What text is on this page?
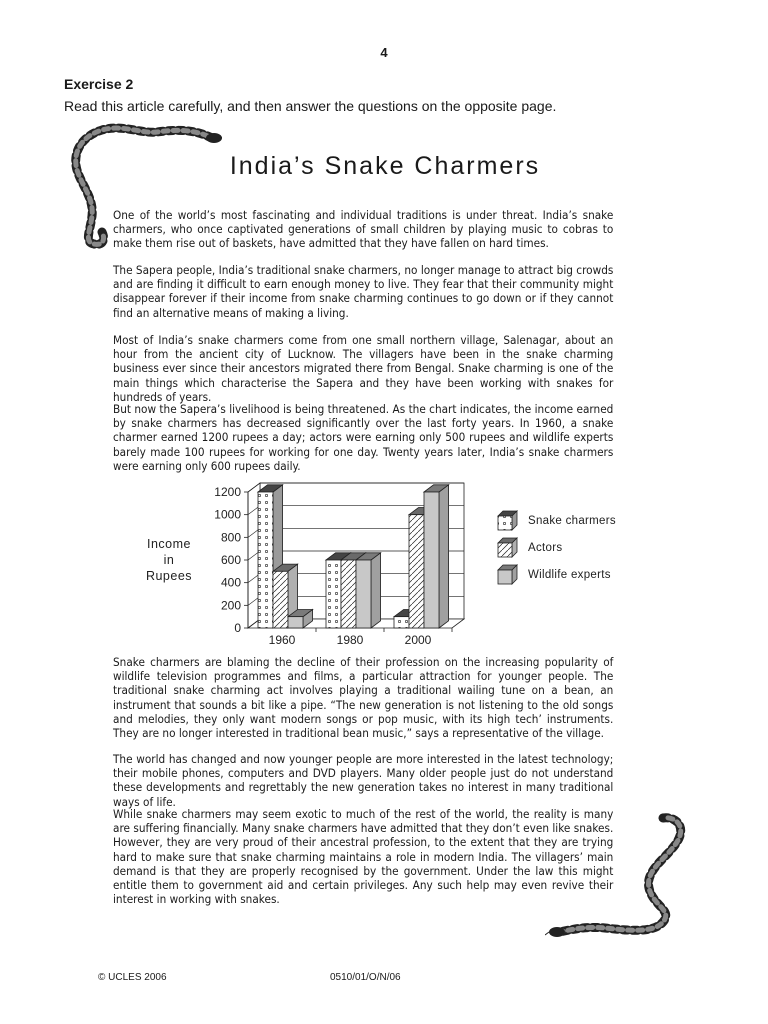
4
Exercise 2
Read this article carefully, and then answer the questions on the opposite page.
India’s Snake Charmers
One of the world’s most fascinating and individual traditions is under threat. India’s snake charmers, who once captivated generations of small children by playing music to cobras to make them rise out of baskets, have admitted that they have fallen on hard times.
The Sapera people, India’s traditional snake charmers, no longer manage to attract big crowds and are finding it difficult to earn enough money to live. They fear that their community might disappear forever if their income from snake charming continues to go down or if they cannot find an alternative means of making a living.
Most of India’s snake charmers come from one small northern village, Salenagar, about an hour from the ancient city of Lucknow. The villagers have been in the snake charming business ever since their ancestors migrated there from Bengal. Snake charming is one of the main things which characterise the Sapera and they have been working with snakes for hundreds of years.
But now the Sapera’s livelihood is being threatened. As the chart indicates, the income earned by snake charmers has decreased significantly over the last forty years. In 1960, a snake charmer earned 1200 rupees a day; actors were earning only 500 rupees and wildlife experts barely made 100 rupees for working for one day. Twenty years later, India’s snake charmers were earning only 600 rupees daily.
0
200
400
600
800
1000
1200
Income
in
Rupees
1960	1980	2000
Snake charmers
Actors
Wildlife experts
Snake charmers are blaming the decline of their profession on the increasing popularity of wildlife television programmes and films, a particular attraction for younger people. The traditional snake charming act involves playing a traditional wailing tune on a bean, an instrument that sounds a bit like a pipe. “The new generation is not listening to the old songs and melodies, they only want modern songs or pop music, with its high tech’ instruments. They are no longer interested in traditional bean music,” says a representative of the village.
The world has changed and now younger people are more interested in the latest technology; their mobile phones, computers and DVD players. Many older people just do not understand these developments and regrettably the new generation takes no interest in many traditional ways of life.
While snake charmers may seem exotic to much of the rest of the world, the reality is many are suffering financially. Many snake charmers have admitted that they don’t even like snakes. However, they are very proud of their ancestral profession, to the extent that they are trying hard to make sure that snake charming maintains a role in modern India. The villagers’ main demand is that they are properly recognised by the government. Under the law this might entitle them to government aid and certain privileges. Any such help may even revive their interest in working with snakes.
© UCLES 2006	0510/01/O/N/06
